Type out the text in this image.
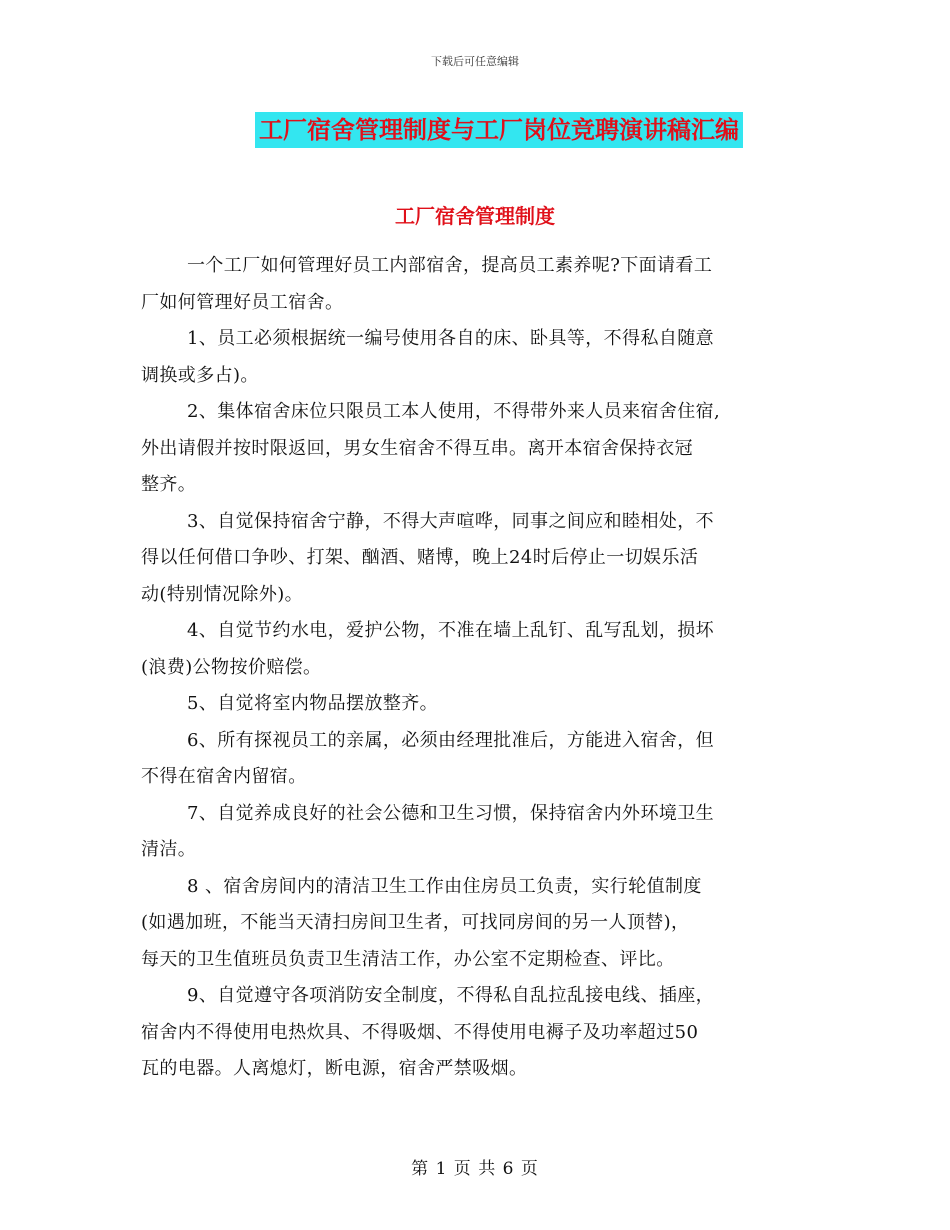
下载后可任意编辑
工厂宿舍管理制度与工厂岗位竞聘演讲稿汇编
工厂宿舍管理制度
一个工厂如何管理好员工内部宿舍，提高员工素养呢?下面请看工
厂如何管理好员工宿舍。
1、员工必须根据统一编号使用各自的床、卧具等，不得私自随意
调换或多占)。
2、集体宿舍床位只限员工本人使用，不得带外来人员来宿舍住宿,
外出请假并按时限返回，男女生宿舍不得互串。离开本宿舍保持衣冠
整齐。
3、自觉保持宿舍宁静，不得大声喧哗，同事之间应和睦相处，不
得以任何借口争吵、打架、酗酒、赌博，晚上24时后停止一切娱乐活
动(特别情况除外)。
4、自觉节约水电，爱护公物，不准在墙上乱钉、乱写乱划，损坏
(浪费)公物按价赔偿。
5、自觉将室内物品摆放整齐。
6、所有探视员工的亲属，必须由经理批准后，方能进入宿舍，但
不得在宿舍内留宿。
7、自觉养成良好的社会公德和卫生习惯，保持宿舍内外环境卫生
清洁。
8 、宿舍房间内的清洁卫生工作由住房员工负责，实行轮值制度
(如遇加班，不能当天清扫房间卫生者，可找同房间的另一人顶替)，
每天的卫生值班员负责卫生清洁工作，办公室不定期检查、评比。
9、自觉遵守各项消防安全制度，不得私自乱拉乱接电线、插座，
宿舍内不得使用电热炊具、不得吸烟、不得使用电褥子及功率超过50
瓦的电器。人离熄灯，断电源，宿舍严禁吸烟。
第 1 页 共 6 页
